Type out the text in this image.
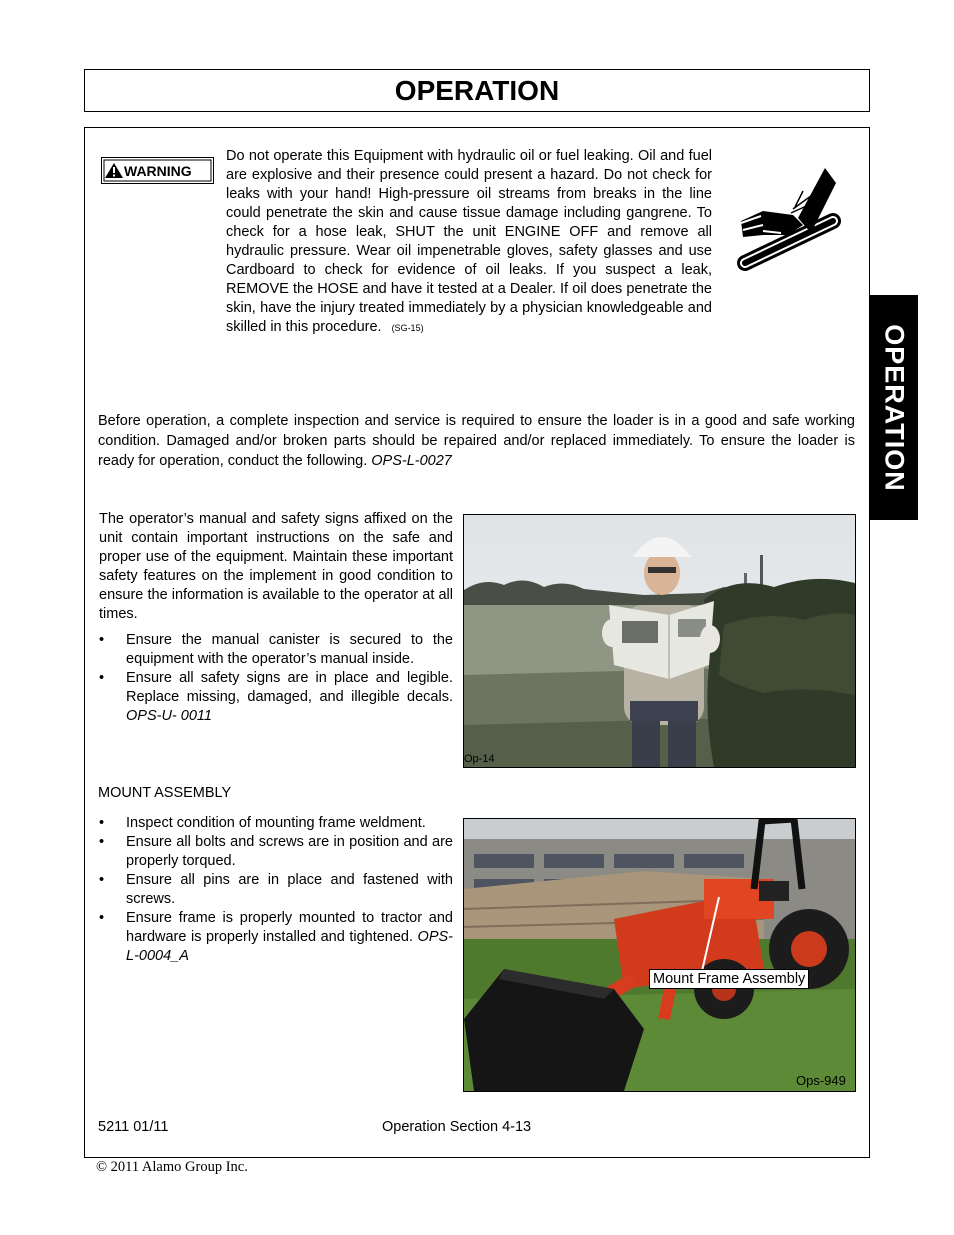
OPERATION
OPERATION
WARNING
Do not operate this Equipment with hydraulic oil or fuel leaking. Oil and fuel are explosive and their presence could present a hazard. Do not check for leaks with your hand! High-pressure oil streams from breaks in the line could penetrate the skin and cause tissue damage including gangrene. To check for a hose leak, SHUT the unit ENGINE OFF and remove all hydraulic pressure. Wear oil impenetrable gloves, safety glasses and use Cardboard to check for evidence of oil leaks. If you suspect a leak, REMOVE the HOSE and have it tested at a Dealer. If oil does penetrate the skin, have the injury treated immediately by a physician knowledgeable and skilled in this procedure. (SG-15)
Before operation, a complete inspection and service is required to ensure the loader is in a good and safe working condition. Damaged and/or broken parts should be repaired and/or replaced immediately. To ensure the loader is ready for operation, conduct the following. OPS-L-0027
The operator’s manual and safety signs affixed on the unit contain important instructions on the safe and proper use of the equipment. Maintain these important safety features on the implement in good condition to ensure the information is available to the operator at all times.
• Ensure the manual canister is secured to the equipment with the operator’s manual inside.
• Ensure all safety signs are in place and legible. Replace missing, damaged, and illegible decals. OPS-U- 0011
Op-14
MOUNT ASSEMBLY
• Inspect condition of mounting frame weldment.
• Ensure all bolts and screws are in position and are properly torqued.
• Ensure all pins are in place and fastened with screws.
• Ensure frame is properly mounted to tractor and hardware is properly installed and tightened. OPS-L-0004_A
Mount Frame Assembly
Ops-949
5211 01/11	Operation Section 4-13
© 2011 Alamo Group Inc.
